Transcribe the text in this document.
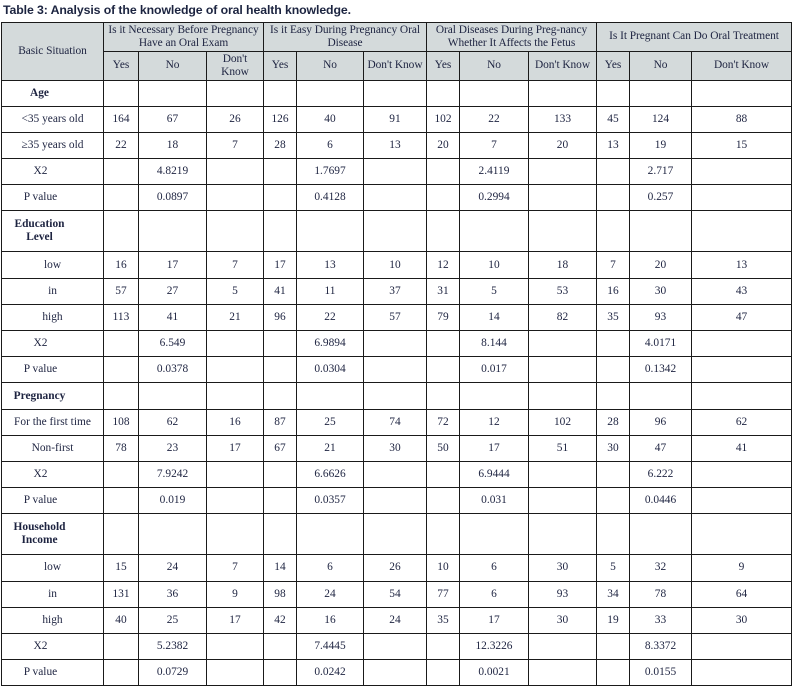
Table 3: Analysis of the knowledge of oral health knowledge.
Basic Situation	Is it Necessary Before Pregnancy Have an Oral Exam			Is it Easy During Pregnancy Oral Disease			Oral Diseases During Preg-nancy Whether It Affects the Fetus			Is It Pregnant Can Do Oral Treatment		
	Yes	No	Don't Know	Yes	No	Don't Know	Yes	No	Don't Know	Yes	No	Don't Know
Age												
<35 years old	164	67	26	126	40	91	102	22	133	45	124	88
≥35 years old	22	18	7	28	6	13	20	7	20	13	19	15
X2		4.8219			1.7697			2.4119			2.717	
P value		0.0897			0.4128			0.2994			0.257	
Education Level												
low	16	17	7	17	13	10	12	10	18	7	20	13
in	57	27	5	41	11	37	31	5	53	16	30	43
high	113	41	21	96	22	57	79	14	82	35	93	47
X2		6.549			6.9894			8.144			4.0171	
P value		0.0378			0.0304			0.017			0.1342	
Pregnancy												
For the first time	108	62	16	87	25	74	72	12	102	28	96	62
Non-first	78	23	17	67	21	30	50	17	51	30	47	41
X2		7.9242			6.6626			6.9444			6.222	
P value		0.019			0.0357			0.031			0.0446	
Household Income												
low	15	24	7	14	6	26	10	6	30	5	32	9
in	131	36	9	98	24	54	77	6	93	34	78	64
high	40	25	17	42	16	24	35	17	30	19	33	30
X2		5.2382			7.4445			12.3226			8.3372	
P value		0.0729			0.0242			0.0021			0.0155	
